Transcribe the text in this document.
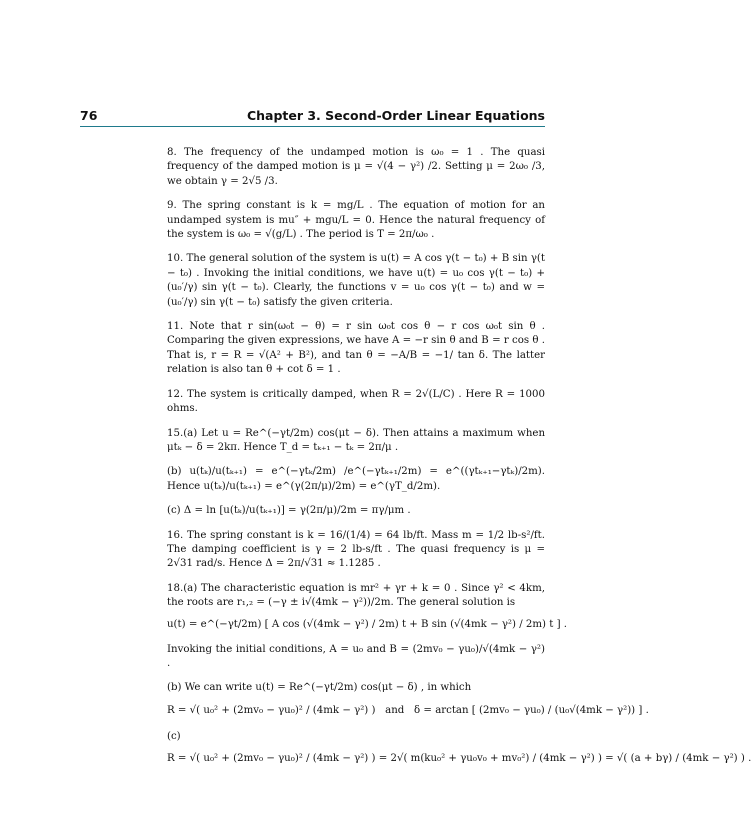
76	Chapter 3. Second-Order Linear Equations

8. The frequency of the undamped motion is ω₀ = 1 . The quasi frequency of the damped motion is μ = √(4 − γ²) /2. Setting μ = 2ω₀ /3, we obtain γ = 2√5 /3.

9. The spring constant is k = mg/L . The equation of motion for an undamped system is mu″ + mgu/L = 0. Hence the natural frequency of the system is ω₀ = √(g/L) . The period is T = 2π/ω₀ .

10. The general solution of the system is u(t) = A cos γ(t − t₀) + B sin γ(t − t₀) . Invoking the initial conditions, we have u(t) = u₀ cos γ(t − t₀) + (u₀′/γ) sin γ(t − t₀). Clearly, the functions v = u₀ cos γ(t − t₀) and w = (u₀′/γ) sin γ(t − t₀) satisfy the given criteria.

11. Note that r sin(ω₀t − θ) = r sin ω₀t cos θ − r cos ω₀t sin θ . Comparing the given expressions, we have A = −r sin θ and B = r cos θ . That is, r = R = √(A² + B²), and tan θ = −A/B = −1/ tan δ. The latter relation is also tan θ + cot δ = 1 .

12. The system is critically damped, when R = 2√(L/C) . Here R = 1000 ohms.

15.(a) Let u = Re^(−γt/2m) cos(μt − δ). Then attains a maximum when μtₖ − δ = 2kπ. Hence T_d = tₖ₊₁ − tₖ = 2π/μ .

(b) u(tₖ)/u(tₖ₊₁) = e^(−γtₖ/2m) /e^(−γtₖ₊₁/2m) = e^((γtₖ₊₁−γtₖ)/2m). Hence u(tₖ)/u(tₖ₊₁) = e^(γ(2π/μ)/2m) = e^(γT_d/2m).

(c) Δ = ln [u(tₖ)/u(tₖ₊₁)] = γ(2π/μ)/2m = πγ/μm .

16. The spring constant is k = 16/(1/4) = 64 lb/ft. Mass m = 1/2 lb-s²/ft. The damping coefficient is γ = 2 lb-s/ft . The quasi frequency is μ = 2√31 rad/s. Hence Δ = 2π/√31 ≈ 1.1285 .

18.(a) The characteristic equation is mr² + γr + k = 0 . Since γ² < 4km, the roots are r₁,₂ = (−γ ± i√(4mk − γ²))/2m. The general solution is

u(t) = e^(−γt/2m) [ A cos (√(4mk − γ²) / 2m) t + B sin (√(4mk − γ²) / 2m) t ] .

Invoking the initial conditions, A = u₀ and B = (2mv₀ − γu₀)/√(4mk − γ²) .

(b) We can write u(t) = Re^(−γt/2m) cos(μt − δ) , in which

R = √( u₀² + (2mv₀ − γu₀)² / (4mk − γ²) )   and   δ = arctan [ (2mv₀ − γu₀) / (u₀√(4mk − γ²)) ] .

(c)

R = √( u₀² + (2mv₀ − γu₀)² / (4mk − γ²) ) = 2√( m(ku₀² + γu₀v₀ + mv₀²) / (4mk − γ²) ) = √( (a + bγ) / (4mk − γ²) ) .
